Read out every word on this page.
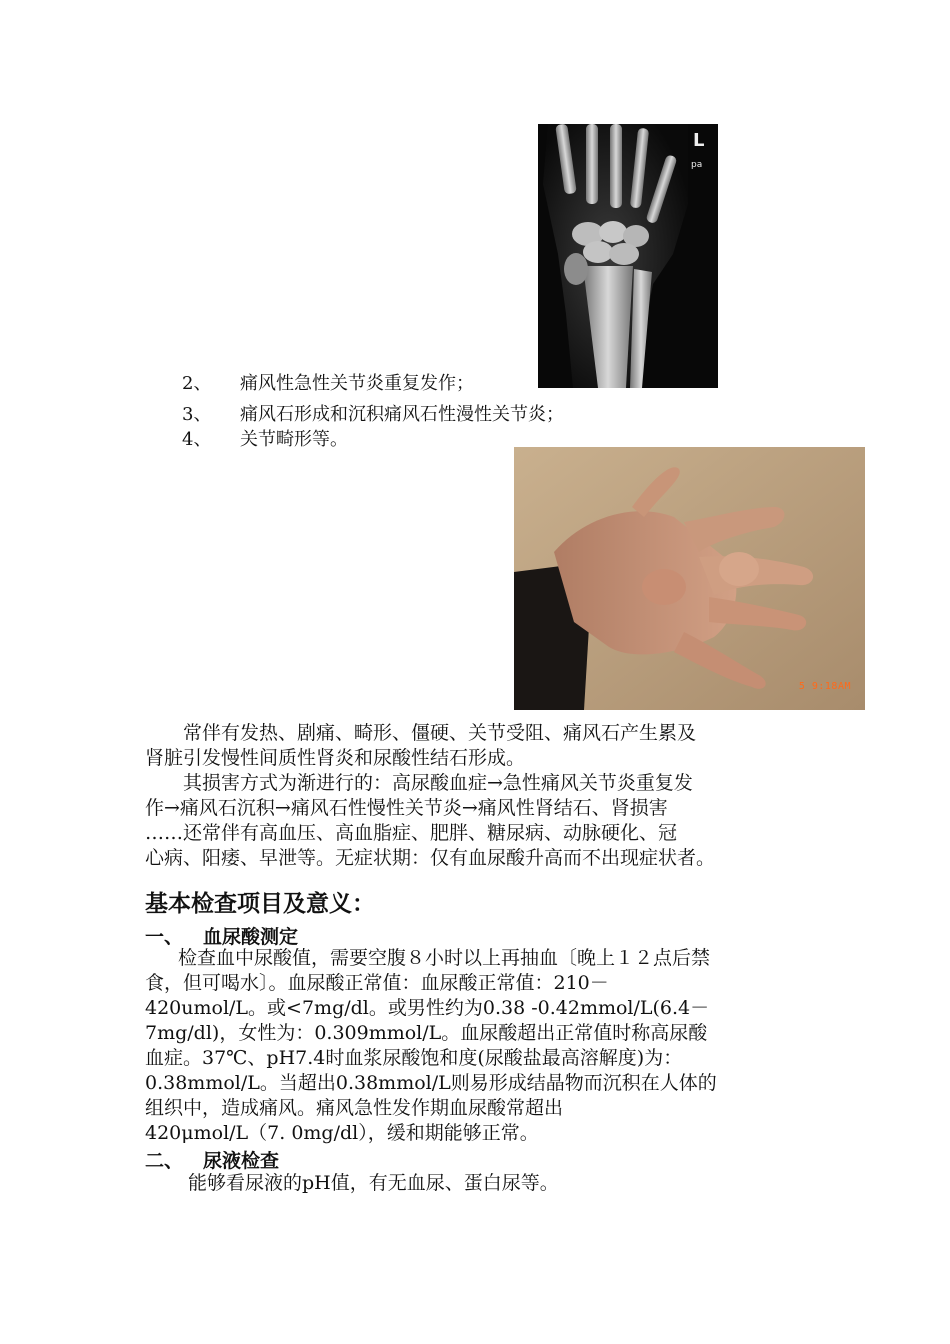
L
pa
2、 痛风性急性关节炎重复发作；
3、 痛风石形成和沉积痛风石性漫性关节炎；
4、 关节畸形等。
5 9:18AM
常伴有发热、剧痛、畸形、僵硬、关节受阻、痛风石产生累及
肾脏引发慢性间质性肾炎和尿酸性结石形成。
其损害方式为渐进行的：高尿酸血症→急性痛风关节炎重复发
作→痛风石沉积→痛风石性慢性关节炎→痛风性肾结石、肾损害
……还常伴有高血压、高血脂症、肥胖、糖尿病、动脉硬化、冠
心病、阳痿、早泄等。无症状期：仅有血尿酸升高而不出现症状者。
基本检查项目及意义：
一、 血尿酸测定
检查血中尿酸值，需要空腹８小时以上再抽血〔晚上１２点后禁
食，但可喝水〕。血尿酸正常值：血尿酸正常值：210－
420umol/L。或<7mg/dl。或男性约为0.38 -0.42mmol/L(6.4－
7mg/dl)，女性为：0.309mmol/L。血尿酸超出正常值时称高尿酸
血症。37℃、pH7.4时血浆尿酸饱和度(尿酸盐最高溶解度)为：
0.38mmol/L。当超出0.38mmol/L则易形成结晶物而沉积在人体的
组织中，造成痛风。痛风急性发作期血尿酸常超出
420μmol/L（7. 0mg/dl），缓和期能够正常。
二、 尿液检查
能够看尿液的pH值，有无血尿、蛋白尿等。
